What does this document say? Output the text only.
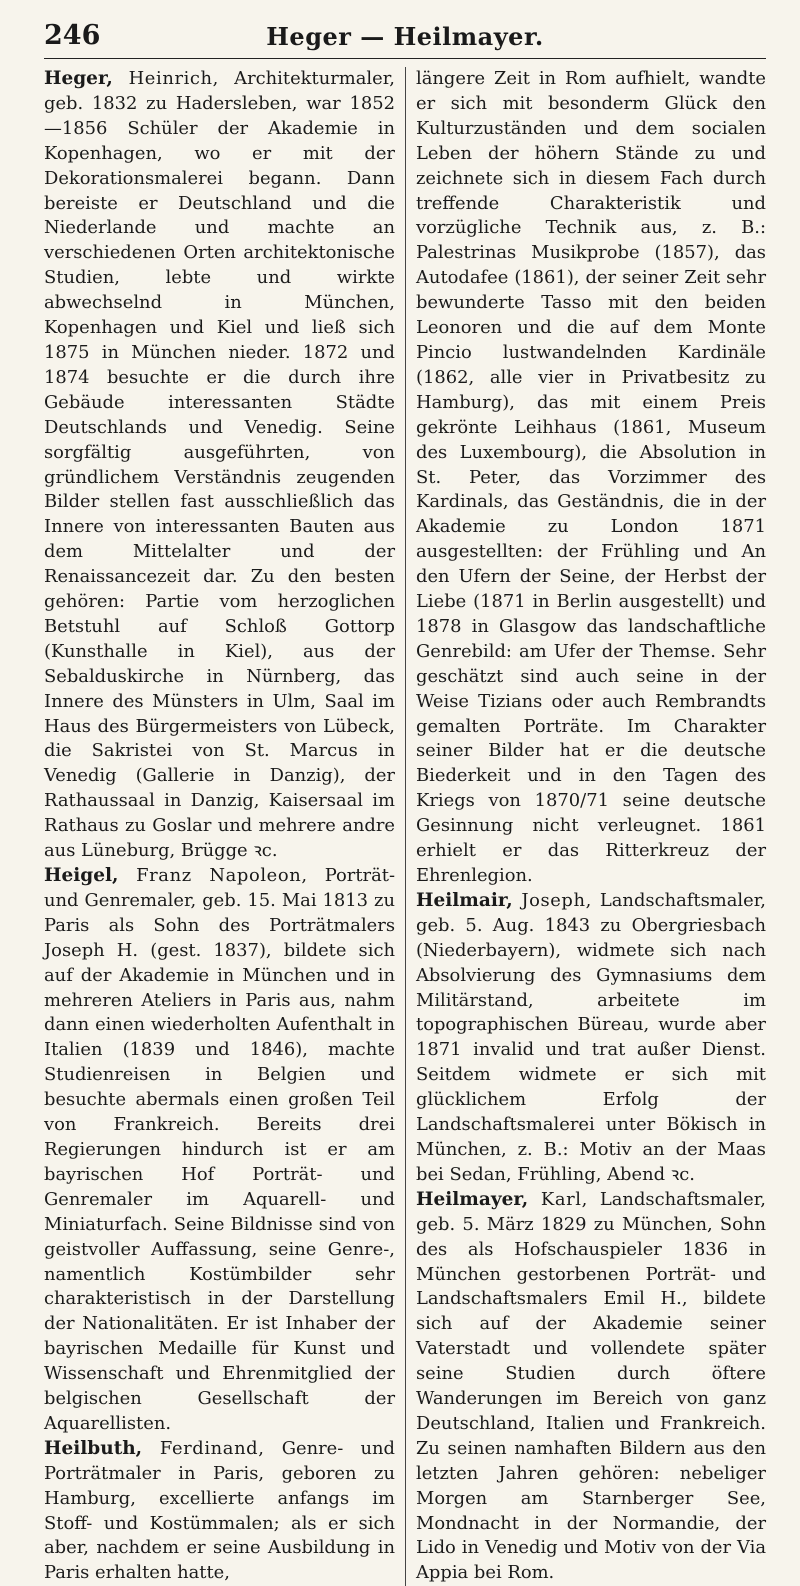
246	Heger — Heilmayer.

Heger, Heinrich, Architekturmaler, geb. 1832 zu Hadersleben, war 1852—1856 Schüler der Akademie in Kopenhagen, wo er mit der Dekorationsmalerei begann. Dann bereiste er Deutschland und die Niederlande und machte an verschiedenen Orten architektonische Studien, lebte und wirkte abwechselnd in München, Kopenhagen und Kiel und ließ sich 1875 in München nieder. 1872 und 1874 besuchte er die durch ihre Gebäude interessanten Städte Deutschlands und Venedig. Seine sorgfältig ausgeführten, von gründlichem Verständnis zeugenden Bilder stellen fast ausschließlich das Innere von interessanten Bauten aus dem Mittelalter und der Renaissancezeit dar. Zu den besten gehören: Partie vom herzoglichen Betstuhl auf Schloß Gottorp (Kunsthalle in Kiel), aus der Sebalduskirche in Nürnberg, das Innere des Münsters in Ulm, Saal im Haus des Bürgermeisters von Lübeck, die Sakristei von St. Marcus in Venedig (Gallerie in Danzig), der Rathaussaal in Danzig, Kaisersaal im Rathaus zu Goslar und mehrere andre aus Lüneburg, Brügge ꝛc.

Heigel, Franz Napoleon, Porträt- und Genremaler, geb. 15. Mai 1813 zu Paris als Sohn des Porträtmalers Joseph H. (gest. 1837), bildete sich auf der Akademie in München und in mehreren Ateliers in Paris aus, nahm dann einen wiederholten Aufenthalt in Italien (1839 und 1846), machte Studienreisen in Belgien und besuchte abermals einen großen Teil von Frankreich. Bereits drei Regierungen hindurch ist er am bayrischen Hof Porträt- und Genremaler im Aquarell- und Miniaturfach. Seine Bildnisse sind von geistvoller Auffassung, seine Genre-, namentlich Kostümbilder sehr charakteristisch in der Darstellung der Nationalitäten. Er ist Inhaber der bayrischen Medaille für Kunst und Wissenschaft und Ehrenmitglied der belgischen Gesellschaft der Aquarellisten.

Heilbuth, Ferdinand, Genre- und Porträtmaler in Paris, geboren zu Hamburg, excellierte anfangs im Stoff- und Kostümmalen; als er sich aber, nachdem er seine Ausbildung in Paris erhalten hatte,

längere Zeit in Rom aufhielt, wandte er sich mit besonderm Glück den Kulturzuständen und dem socialen Leben der höhern Stände zu und zeichnete sich in diesem Fach durch treffende Charakteristik und vorzügliche Technik aus, z. B.: Palestrinas Musikprobe (1857), das Autodafee (1861), der seiner Zeit sehr bewunderte Tasso mit den beiden Leonoren und die auf dem Monte Pincio lustwandelnden Kardinäle (1862, alle vier in Privatbesitz zu Hamburg), das mit einem Preis gekrönte Leihhaus (1861, Museum des Luxembourg), die Absolution in St. Peter, das Vorzimmer des Kardinals, das Geständnis, die in der Akademie zu London 1871 ausgestellten: der Frühling und An den Ufern der Seine, der Herbst der Liebe (1871 in Berlin ausgestellt) und 1878 in Glasgow das landschaftliche Genrebild: am Ufer der Themse. Sehr geschätzt sind auch seine in der Weise Tizians oder auch Rembrandts gemalten Porträte. Im Charakter seiner Bilder hat er die deutsche Biederkeit und in den Tagen des Kriegs von 1870/71 seine deutsche Gesinnung nicht verleugnet. 1861 erhielt er das Ritterkreuz der Ehrenlegion.

Heilmair, Joseph, Landschaftsmaler, geb. 5. Aug. 1843 zu Obergriesbach (Niederbayern), widmete sich nach Absolvierung des Gymnasiums dem Militärstand, arbeitete im topographischen Büreau, wurde aber 1871 invalid und trat außer Dienst. Seitdem widmete er sich mit glücklichem Erfolg der Landschaftsmalerei unter Bökisch in München, z. B.: Motiv an der Maas bei Sedan, Frühling, Abend ꝛc.

Heilmayer, Karl, Landschaftsmaler, geb. 5. März 1829 zu München, Sohn des als Hofschauspieler 1836 in München gestorbenen Porträt- und Landschaftsmalers Emil H., bildete sich auf der Akademie seiner Vaterstadt und vollendete später seine Studien durch öftere Wanderungen im Bereich von ganz Deutschland, Italien und Frankreich. Zu seinen namhaften Bildern aus den letzten Jahren gehören: nebeliger Morgen am Starnberger See, Mondnacht in der Normandie, der Lido in Venedig und Motiv von der Via Appia bei Rom.
